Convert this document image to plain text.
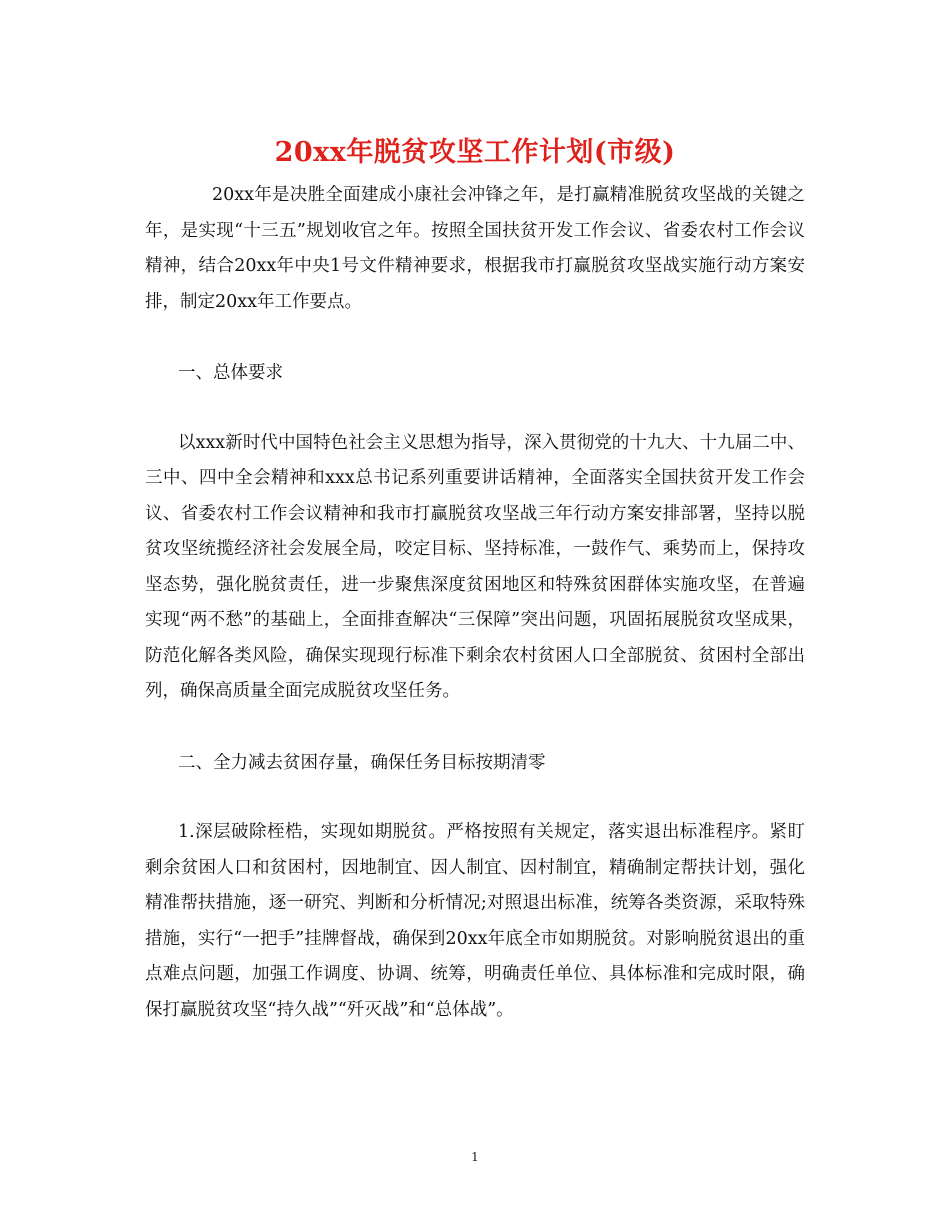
20xx年脱贫攻坚工作计划(市级)

20xx年是决胜全面建成小康社会冲锋之年，是打赢精准脱贫攻坚战的关键之年，是实现“十三五”规划收官之年。按照全国扶贫开发工作会议、省委农村工作会议精神，结合20xx年中央1号文件精神要求，根据我市打赢脱贫攻坚战实施行动方案安排，制定20xx年工作要点。

一、总体要求

以xxx新时代中国特色社会主义思想为指导，深入贯彻党的十九大、十九届二中、三中、四中全会精神和xxx总书记系列重要讲话精神，全面落实全国扶贫开发工作会议、省委农村工作会议精神和我市打赢脱贫攻坚战三年行动方案安排部署，坚持以脱贫攻坚统揽经济社会发展全局，咬定目标、坚持标准，一鼓作气、乘势而上，保持攻坚态势，强化脱贫责任，进一步聚焦深度贫困地区和特殊贫困群体实施攻坚，在普遍实现“两不愁”的基础上，全面排查解决“三保障”突出问题，巩固拓展脱贫攻坚成果，防范化解各类风险，确保实现现行标准下剩余农村贫困人口全部脱贫、贫困村全部出列，确保高质量全面完成脱贫攻坚任务。

二、全力减去贫困存量，确保任务目标按期清零

1.深层破除桎梏，实现如期脱贫。严格按照有关规定，落实退出标准程序。紧盯剩余贫困人口和贫困村，因地制宜、因人制宜、因村制宜，精确制定帮扶计划，强化精准帮扶措施，逐一研究、判断和分析情况;对照退出标准，统筹各类资源，采取特殊措施，实行“一把手”挂牌督战，确保到20xx年底全市如期脱贫。对影响脱贫退出的重点难点问题，加强工作调度、协调、统筹，明确责任单位、具体标准和完成时限，确保打赢脱贫攻坚“持久战”“歼灭战”和“总体战”。

1
